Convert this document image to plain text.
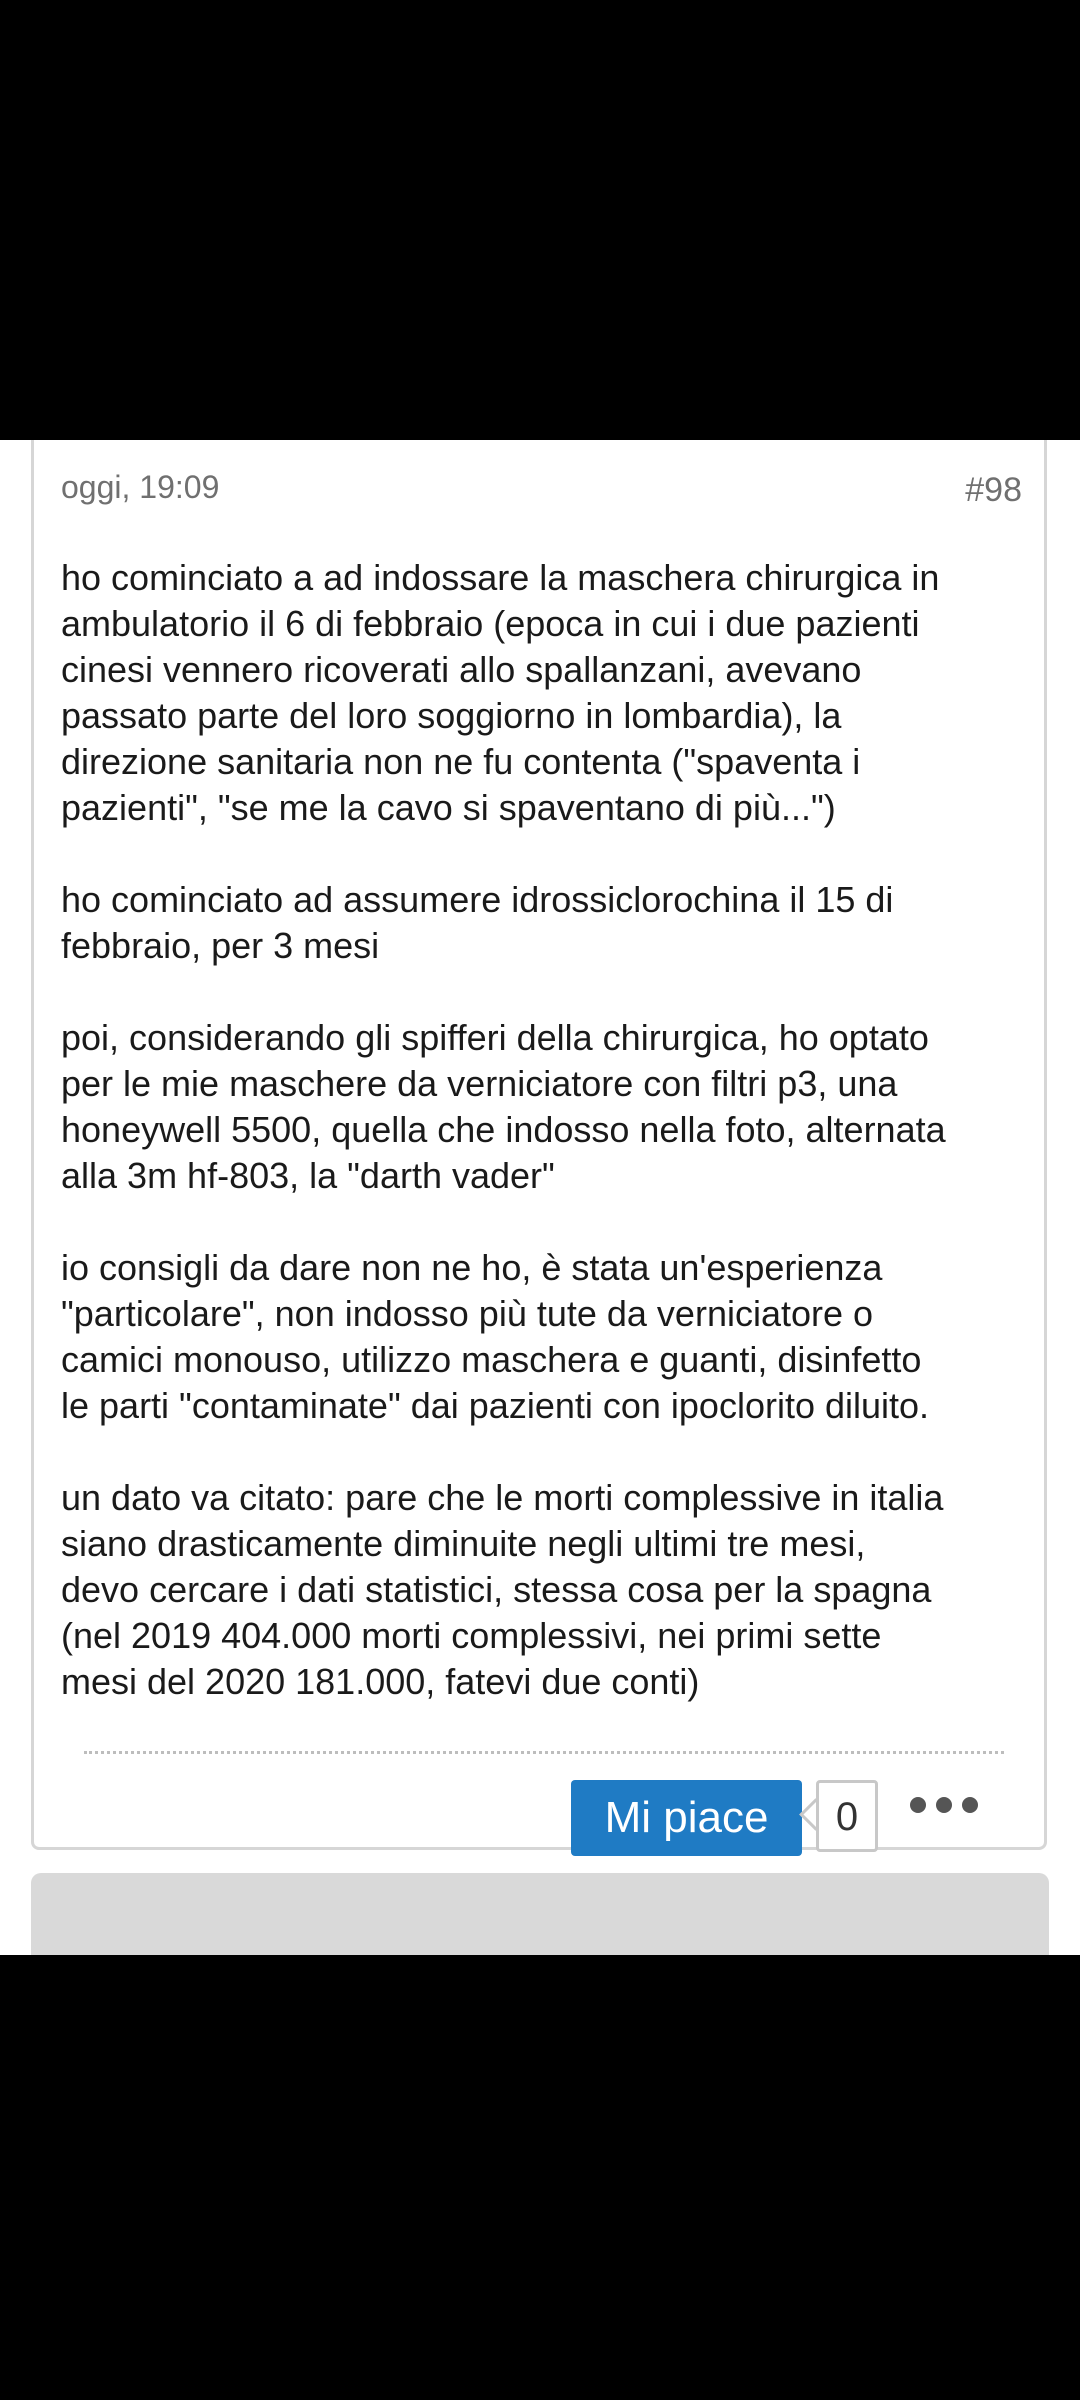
oggi, 19:09	#98

ho cominciato a ad indossare la maschera chirurgica in
ambulatorio il 6 di febbraio (epoca in cui i due pazienti
cinesi vennero ricoverati allo spallanzani, avevano
passato parte del loro soggiorno in lombardia), la
direzione sanitaria non ne fu contenta ("spaventa i
pazienti", "se me la cavo si spaventano di più...")

ho cominciato ad assumere idrossiclorochina il 15 di
febbraio, per 3 mesi

poi, considerando gli spifferi della chirurgica, ho optato
per le mie maschere da verniciatore con filtri p3, una
honeywell 5500, quella che indosso nella foto, alternata
alla 3m hf-803, la "darth vader"

io consigli da dare non ne ho, è stata un'esperienza
"particolare", non indosso più tute da verniciatore o
camici monouso, utilizzo maschera e guanti, disinfetto
le parti "contaminate" dai pazienti con ipoclorito diluito.

un dato va citato: pare che le morti complessive in italia
siano drasticamente diminuite negli ultimi tre mesi,
devo cercare i dati statistici, stessa cosa per la spagna
(nel 2019 404.000 morti complessivi, nei primi sette
mesi del 2020 181.000, fatevi due conti)

Mi piace	0
